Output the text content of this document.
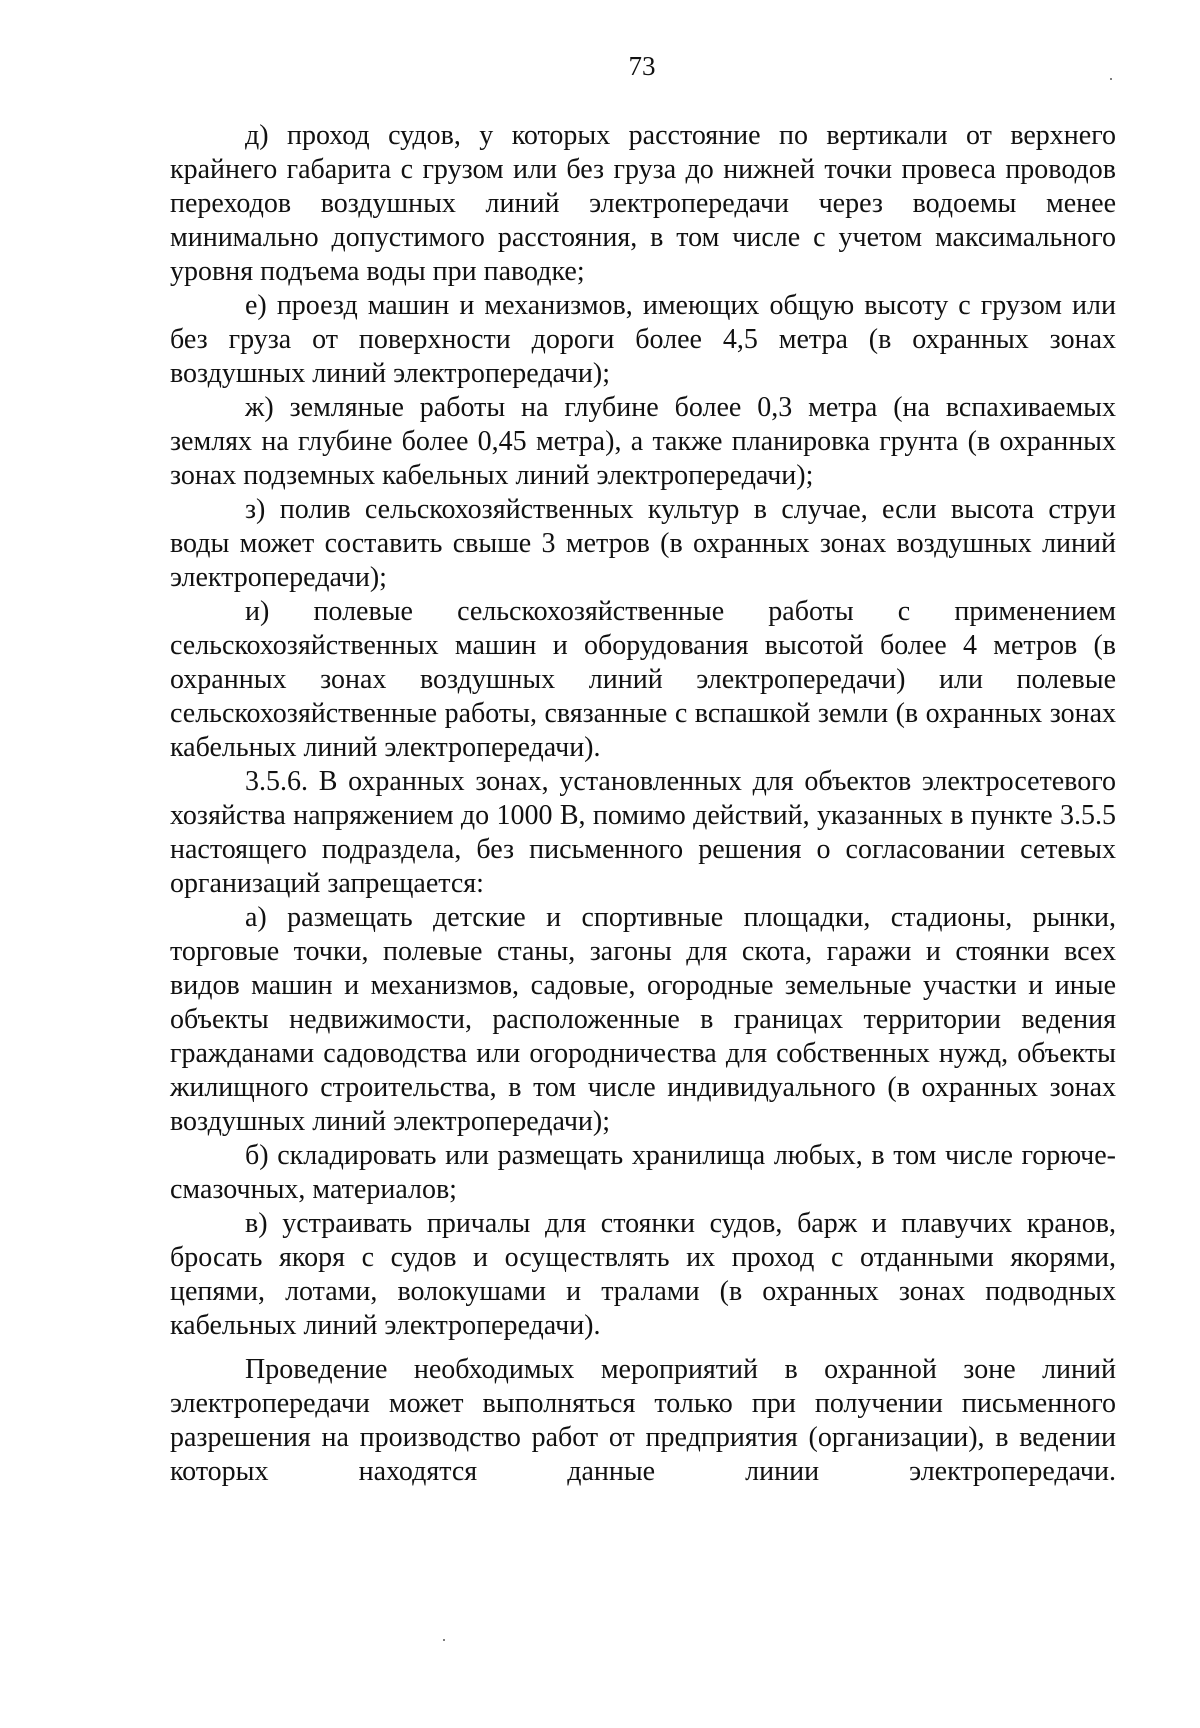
73

д) проход судов, у которых расстояние по вертикали от верхнего крайнего габарита с грузом или без груза до нижней точки провеса проводов переходов воздушных линий электропередачи через водоемы менее минимально допустимого расстояния, в том числе с учетом максимального уровня подъема воды при паводке;

е) проезд машин и механизмов, имеющих общую высоту с грузом или без груза от поверхности дороги более 4,5 метра (в охранных зонах воздушных линий электропередачи);

ж) земляные работы на глубине более 0,3 метра (на вспахиваемых землях на глубине более 0,45 метра), а также планировка грунта (в охранных зонах подземных кабельных линий электропередачи);

з) полив сельскохозяйственных культур в случае, если высота струи воды может составить свыше 3 метров (в охранных зонах воздушных линий электропередачи);

и) полевые сельскохозяйственные работы с применением сельскохозяйственных машин и оборудования высотой более 4 метров (в охранных зонах воздушных линий электропередачи) или полевые сельскохозяйственные работы, связанные с вспашкой земли (в охранных зонах кабельных линий электропередачи).

3.5.6. В охранных зонах, установленных для объектов электросетевого хозяйства напряжением до 1000 В, помимо действий, указанных в пункте 3.5.5 настоящего подраздела, без письменного решения о согласовании сетевых организаций запрещается:

а) размещать детские и спортивные площадки, стадионы, рынки, торговые точки, полевые станы, загоны для скота, гаражи и стоянки всех видов машин и механизмов, садовые, огородные земельные участки и иные объекты недвижимости, расположенные в границах территории ведения гражданами садоводства или огородничества для собственных нужд, объекты жилищного строительства, в том числе индивидуального (в охранных зонах воздушных линий электропередачи);

б) складировать или размещать хранилища любых, в том числе горюче-смазочных, материалов;

в) устраивать причалы для стоянки судов, барж и плавучих кранов, бросать якоря с судов и осуществлять их проход с отданными якорями, цепями, лотами, волокушами и тралами (в охранных зонах подводных кабельных линий электропередачи).

Проведение необходимых мероприятий в охранной зоне линий электропередачи может выполняться только при получении письменного разрешения на производство работ от предприятия (организации), в ведении которых находятся данные линии электропередачи.
